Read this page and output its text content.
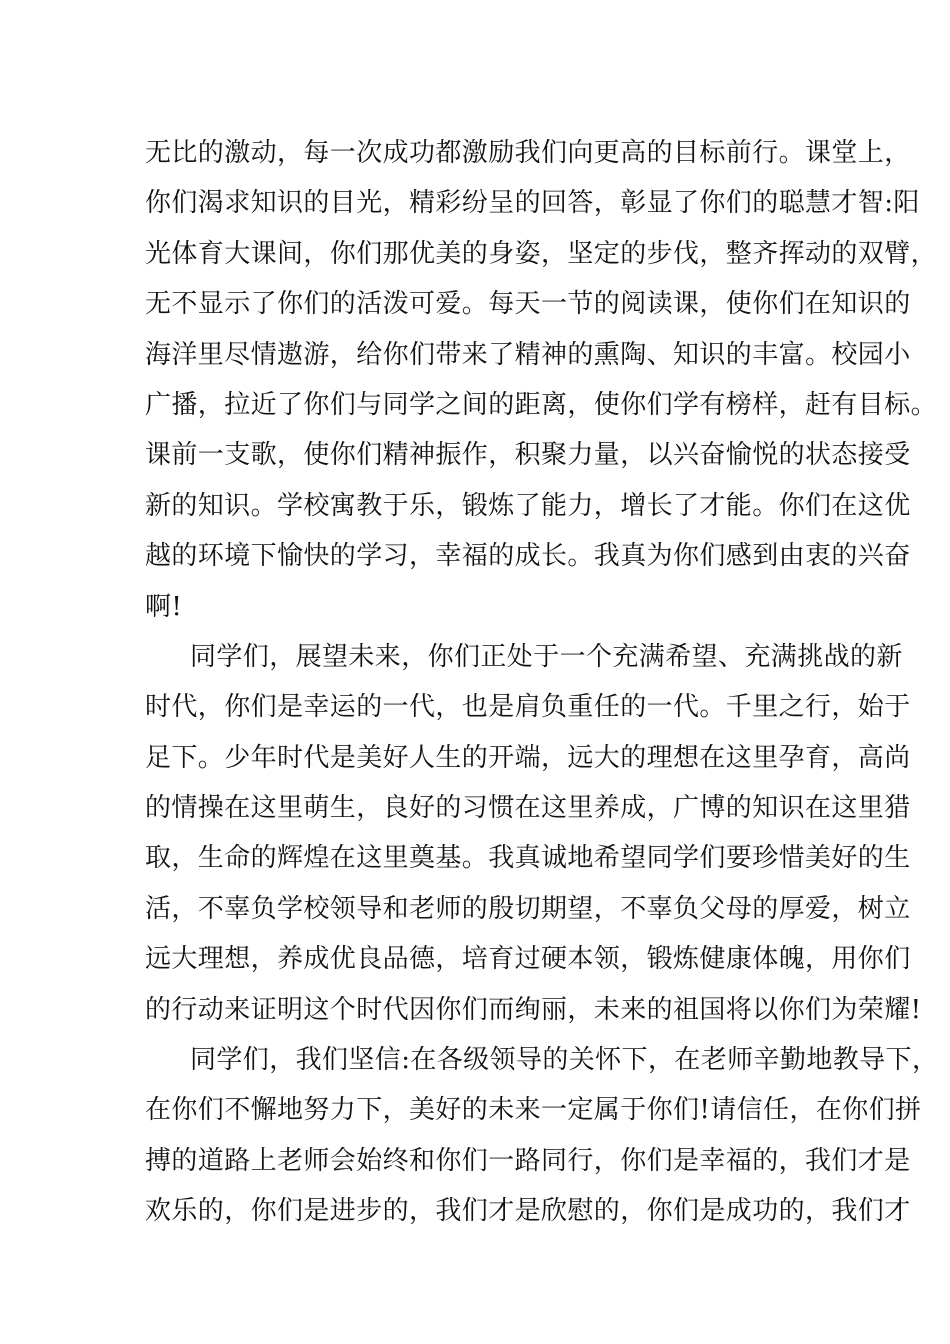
无比的激动，每一次成功都激励我们向更高的目标前行。课堂上，
你们渴求知识的目光，精彩纷呈的回答，彰显了你们的聪慧才智:阳
光体育大课间，你们那优美的身姿，坚定的步伐，整齐挥动的双臂，
无不显示了你们的活泼可爱。每天一节的阅读课，使你们在知识的
海洋里尽情遨游，给你们带来了精神的熏陶、知识的丰富。校园小
广播，拉近了你们与同学之间的距离，使你们学有榜样，赶有目标。
课前一支歌，使你们精神振作，积聚力量，以兴奋愉悦的状态接受
新的知识。学校寓教于乐，锻炼了能力，增长了才能。你们在这优
越的环境下愉快的学习，幸福的成长。我真为你们感到由衷的兴奋
啊!
同学们，展望未来，你们正处于一个充满希望、充满挑战的新
时代，你们是幸运的一代，也是肩负重任的一代。千里之行，始于
足下。少年时代是美好人生的开端，远大的理想在这里孕育，高尚
的情操在这里萌生，良好的习惯在这里养成，广博的知识在这里猎
取，生命的辉煌在这里奠基。我真诚地希望同学们要珍惜美好的生
活，不辜负学校领导和老师的殷切期望，不辜负父母的厚爱，树立
远大理想，养成优良品德，培育过硬本领，锻炼健康体魄，用你们
的行动来证明这个时代因你们而绚丽，未来的祖国将以你们为荣耀!
同学们，我们坚信:在各级领导的关怀下，在老师辛勤地教导下，
在你们不懈地努力下，美好的未来一定属于你们!请信任，在你们拼
搏的道路上老师会始终和你们一路同行，你们是幸福的，我们才是
欢乐的，你们是进步的，我们才是欣慰的，你们是成功的，我们才
